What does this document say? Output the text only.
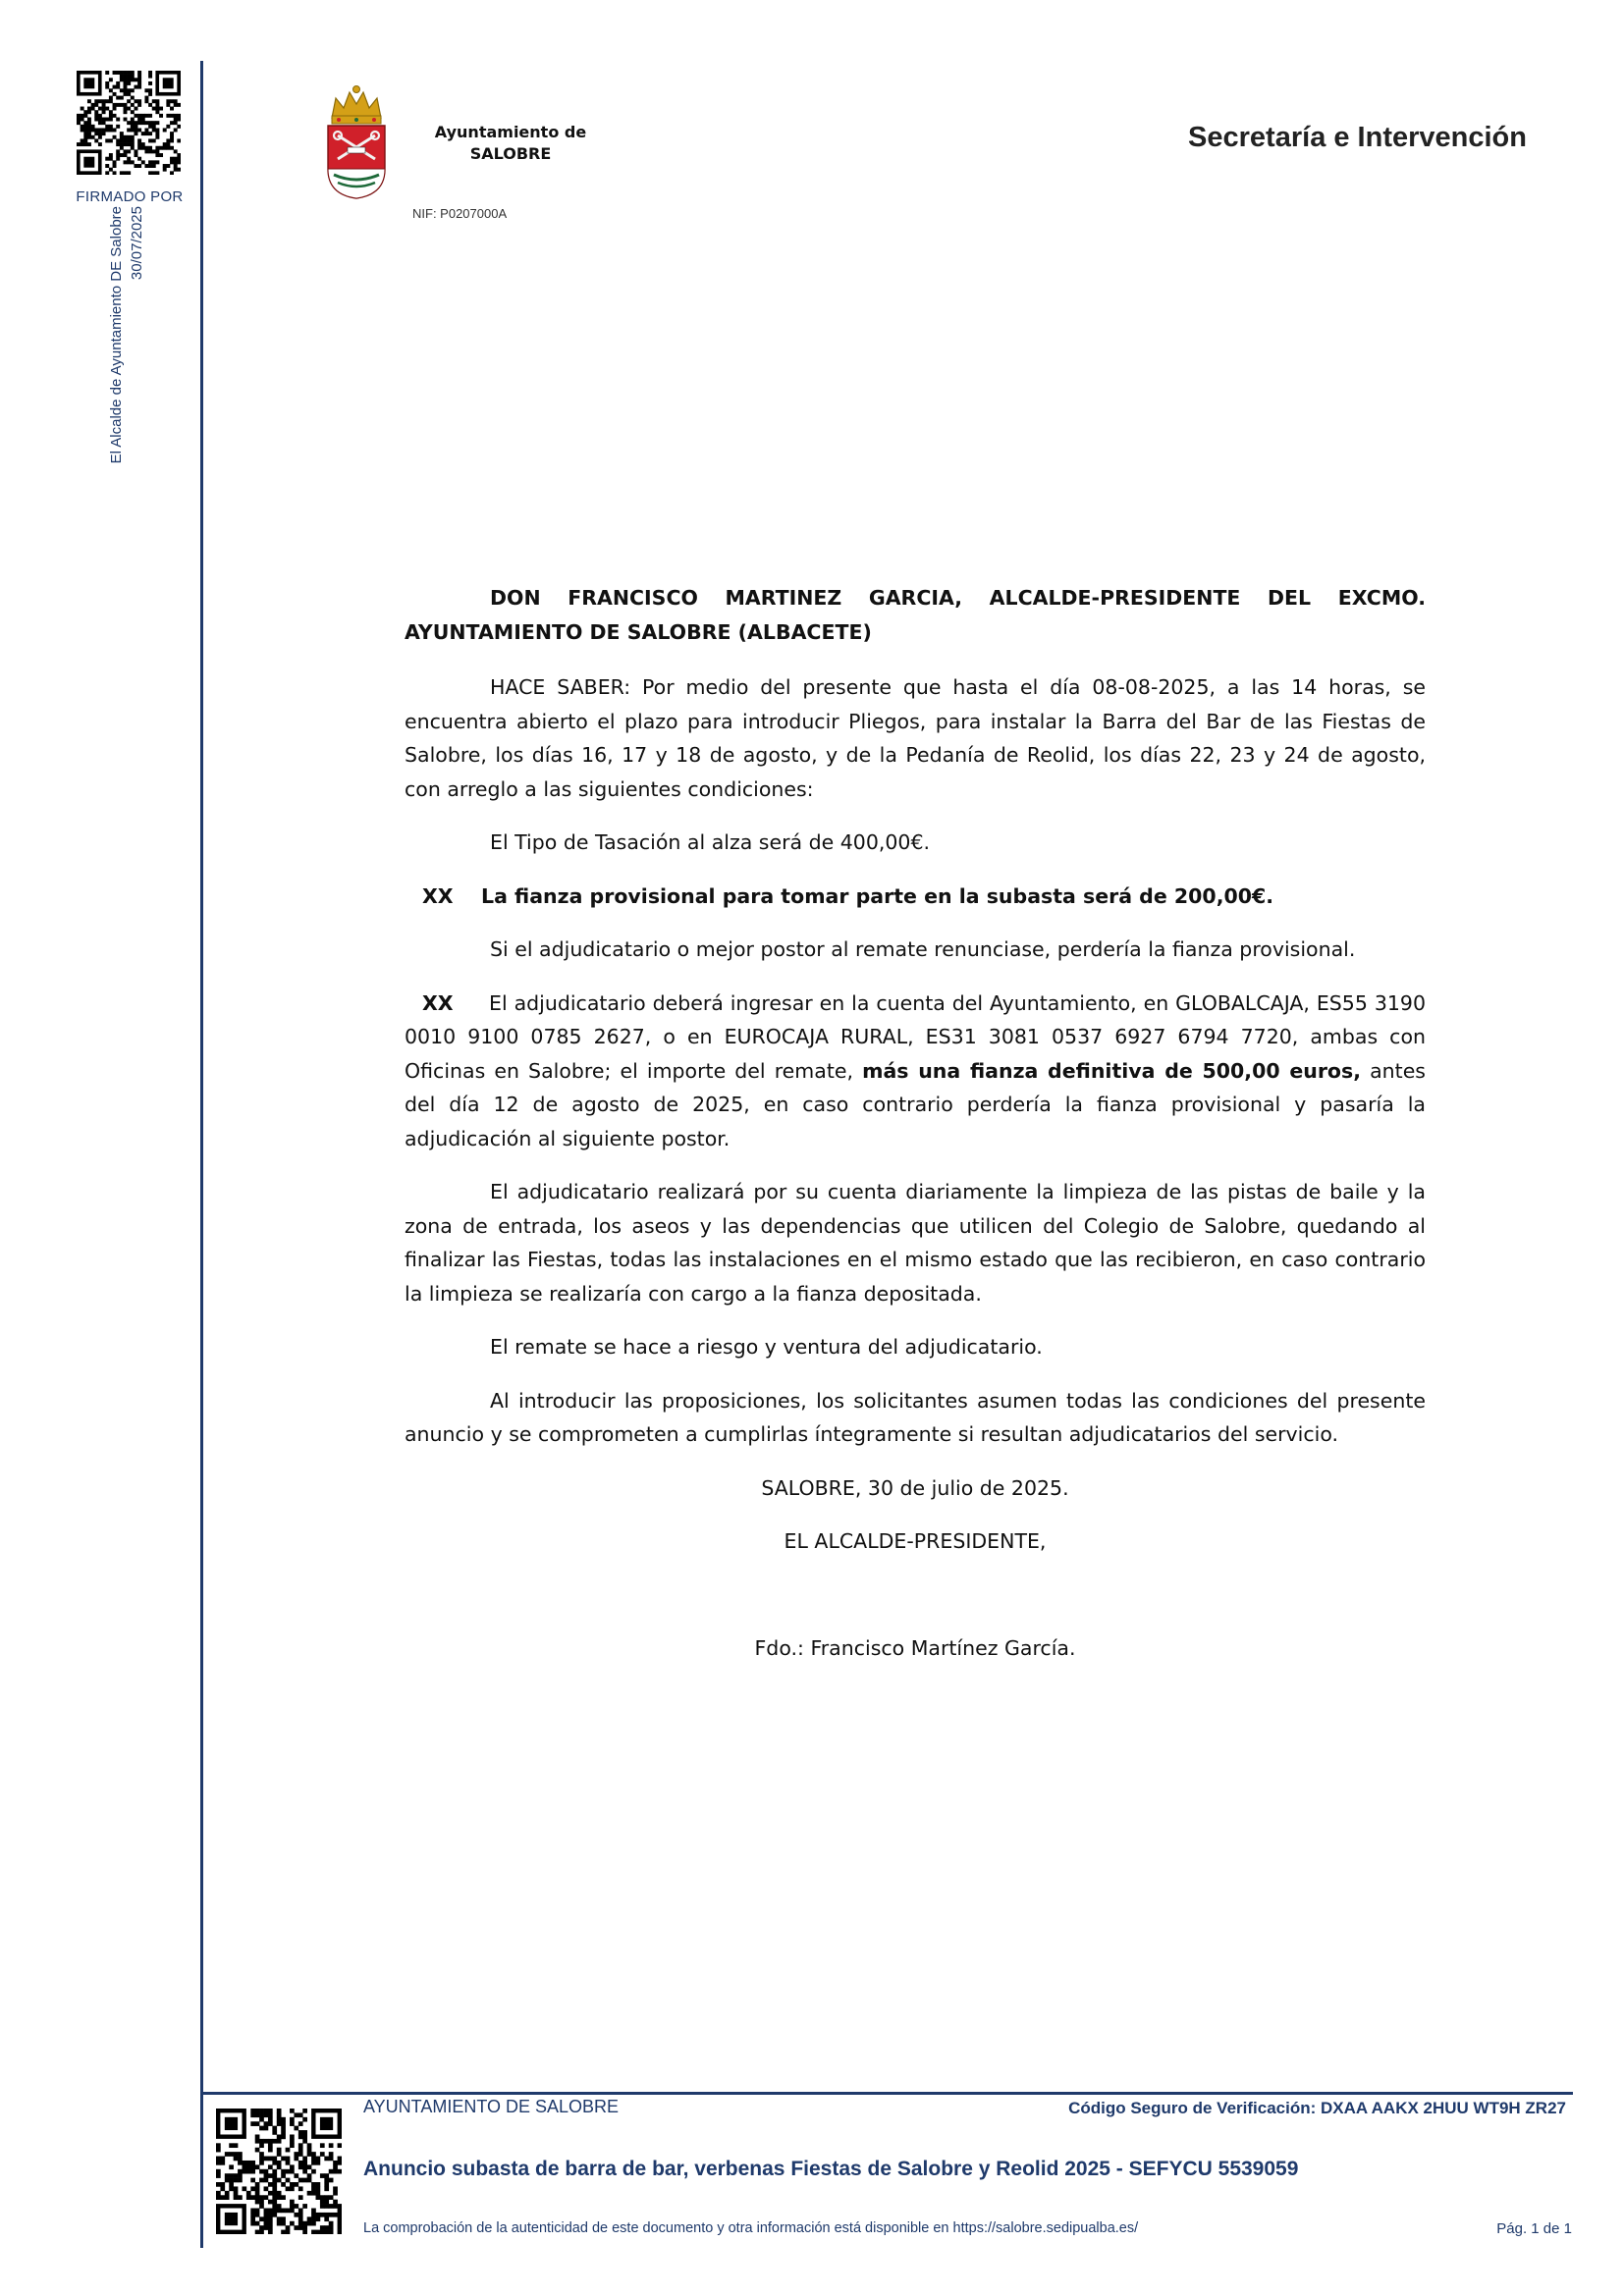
FIRMADO POR
El Alcalde de Ayuntamiento DE Salobre 30/07/2025
Ayuntamiento de
SALOBRE
NIF: P0207000A
Secretaría e Intervención

DON FRANCISCO MARTINEZ GARCIA, ALCALDE-PRESIDENTE DEL EXCMO. AYUNTAMIENTO DE SALOBRE (ALBACETE)

HACE SABER: Por medio del presente que hasta el día 08-08-2025, a las 14 horas, se encuentra abierto el plazo para introducir Pliegos, para instalar la Barra del Bar de las Fiestas de Salobre, los días 16, 17 y 18 de agosto, y de la Pedanía de Reolid, los días 22, 23 y 24 de agosto, con arreglo a las siguientes condiciones:

El Tipo de Tasación al alza será de 400,00€.

XX La fianza provisional para tomar parte en la subasta será de 200,00€.

Si el adjudicatario o mejor postor al remate renunciase, perdería la fianza provisional.

XX El adjudicatario deberá ingresar en la cuenta del Ayuntamiento, en GLOBALCAJA, ES55 3190 0010 9100 0785 2627, o en EUROCAJA RURAL, ES31 3081 0537 6927 6794 7720, ambas con Oficinas en Salobre; el importe del remate, más una fianza definitiva de 500,00 euros, antes del día 12 de agosto de 2025, en caso contrario perdería la fianza provisional y pasaría la adjudicación al siguiente postor.

El adjudicatario realizará por su cuenta diariamente la limpieza de las pistas de baile y la zona de entrada, los aseos y las dependencias que utilicen del Colegio de Salobre, quedando al finalizar las Fiestas, todas las instalaciones en el mismo estado que las recibieron, en caso contrario la limpieza se realizaría con cargo a la fianza depositada.

El remate se hace a riesgo y ventura del adjudicatario.

Al introducir las proposiciones, los solicitantes asumen todas las condiciones del presente anuncio y se comprometen a cumplirlas íntegramente si resultan adjudicatarios del servicio.

SALOBRE, 30 de julio de 2025.

EL ALCALDE-PRESIDENTE,

Fdo.: Francisco Martínez García.

AYUNTAMIENTO DE SALOBRE	Código Seguro de Verificación: DXAA AAKX 2HUU WT9H ZR27
Anuncio subasta de barra de bar, verbenas Fiestas de Salobre y Reolid 2025 - SEFYCU 5539059
La comprobación de la autenticidad de este documento y otra información está disponible en https://salobre.sedipualba.es/	Pág. 1 de 1
